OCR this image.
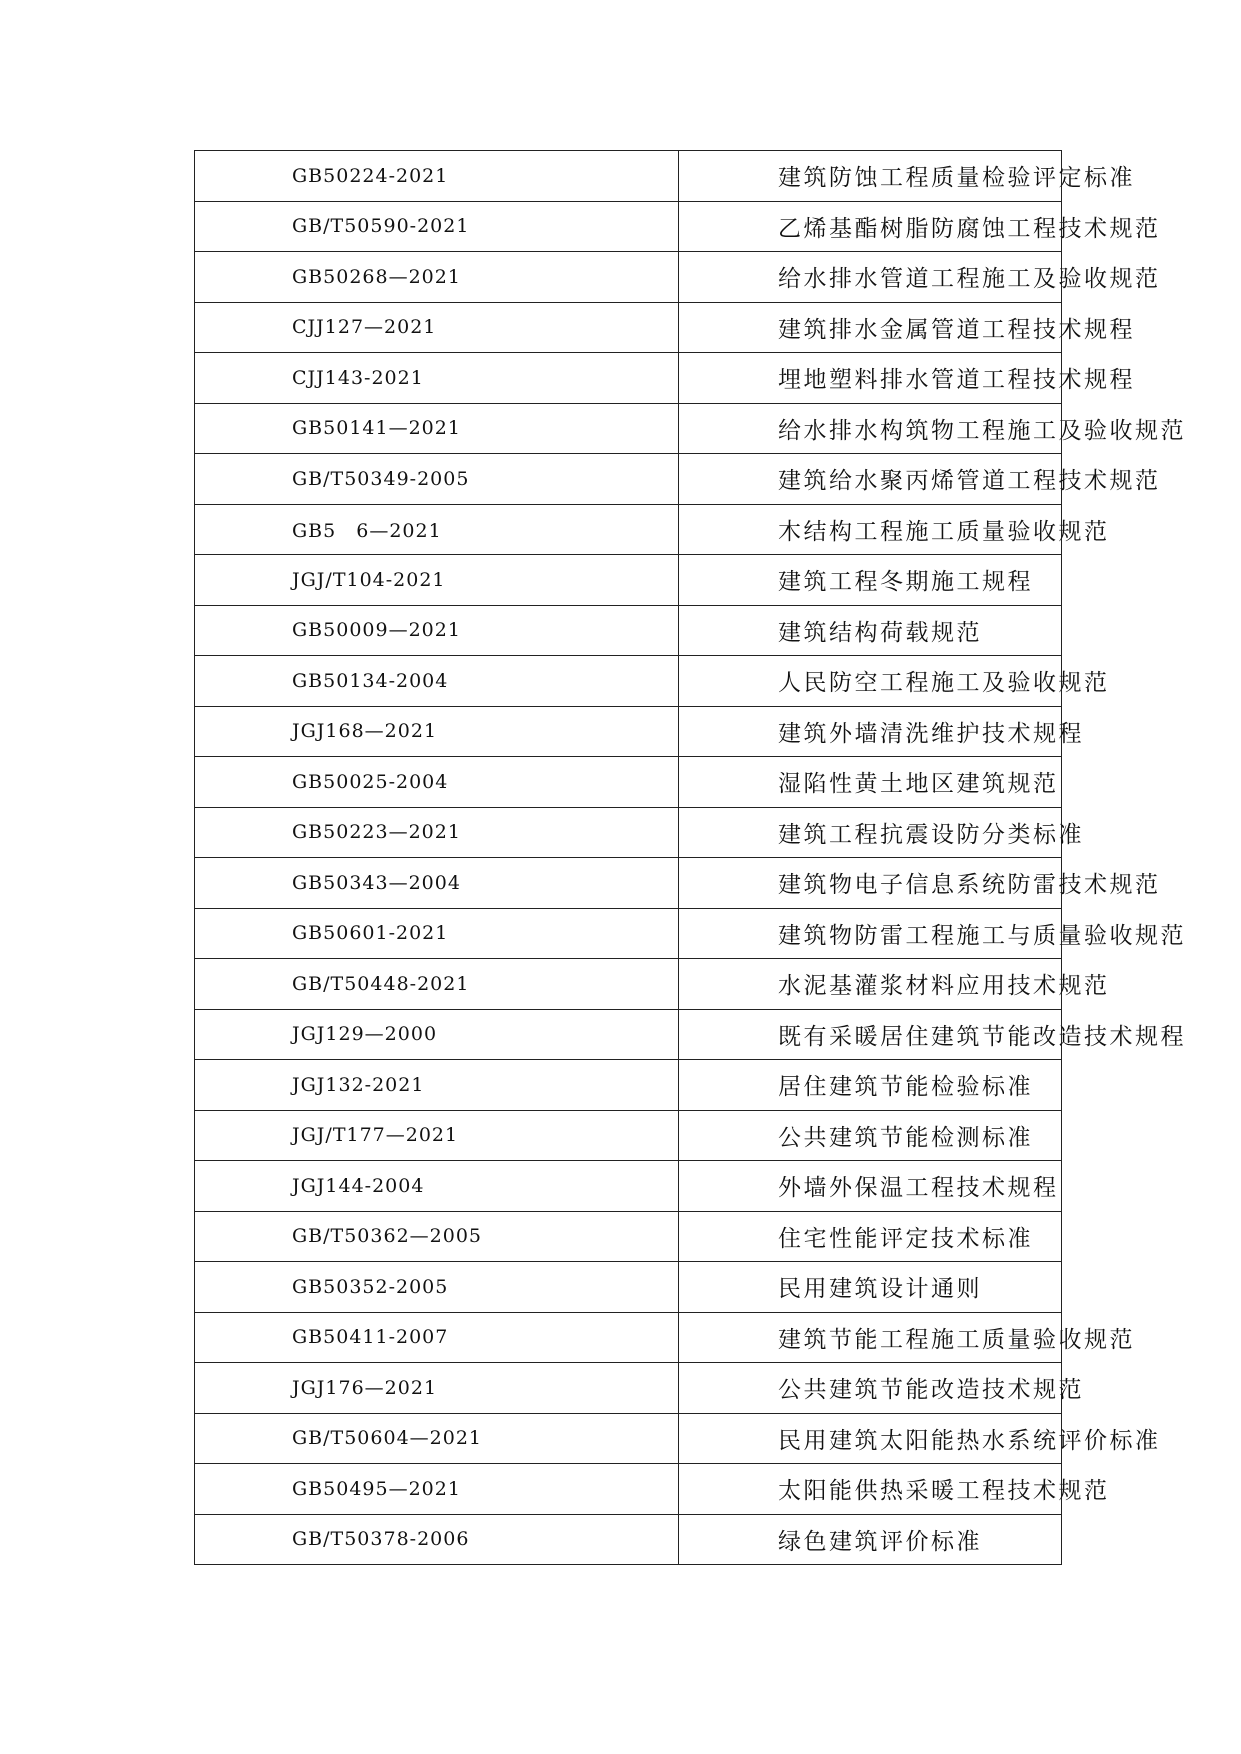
GB50224-2021	建筑防蚀工程质量检验评定标准
GB/T50590-2021	乙烯基酯树脂防腐蚀工程技术规范
GB50268—2021	给水排水管道工程施工及验收规范
CJJ127—2021	建筑排水金属管道工程技术规程
CJJ143-2021	埋地塑料排水管道工程技术规程
GB50141—2021	给水排水构筑物工程施工及验收规范
GB/T50349-2005	建筑给水聚丙烯管道工程技术规范
GB5　6—2021	木结构工程施工质量验收规范
JGJ/T104-2021	建筑工程冬期施工规程
GB50009—2021	建筑结构荷载规范
GB50134-2004	人民防空工程施工及验收规范
JGJ168—2021	建筑外墙清洗维护技术规程
GB50025-2004	湿陷性黄土地区建筑规范
GB50223—2021	建筑工程抗震设防分类标准
GB50343—2004	建筑物电子信息系统防雷技术规范
GB50601-2021	建筑物防雷工程施工与质量验收规范
GB/T50448-2021	水泥基灌浆材料应用技术规范
JGJ129—2000	既有采暖居住建筑节能改造技术规程
JGJ132-2021	居住建筑节能检验标准
JGJ/T177—2021	公共建筑节能检测标准
JGJ144-2004	外墙外保温工程技术规程
GB/T50362—2005	住宅性能评定技术标准
GB50352-2005	民用建筑设计通则
GB50411-2007	建筑节能工程施工质量验收规范
JGJ176—2021	公共建筑节能改造技术规范
GB/T50604—2021	民用建筑太阳能热水系统评价标准
GB50495—2021	太阳能供热采暖工程技术规范
GB/T50378-2006	绿色建筑评价标准
